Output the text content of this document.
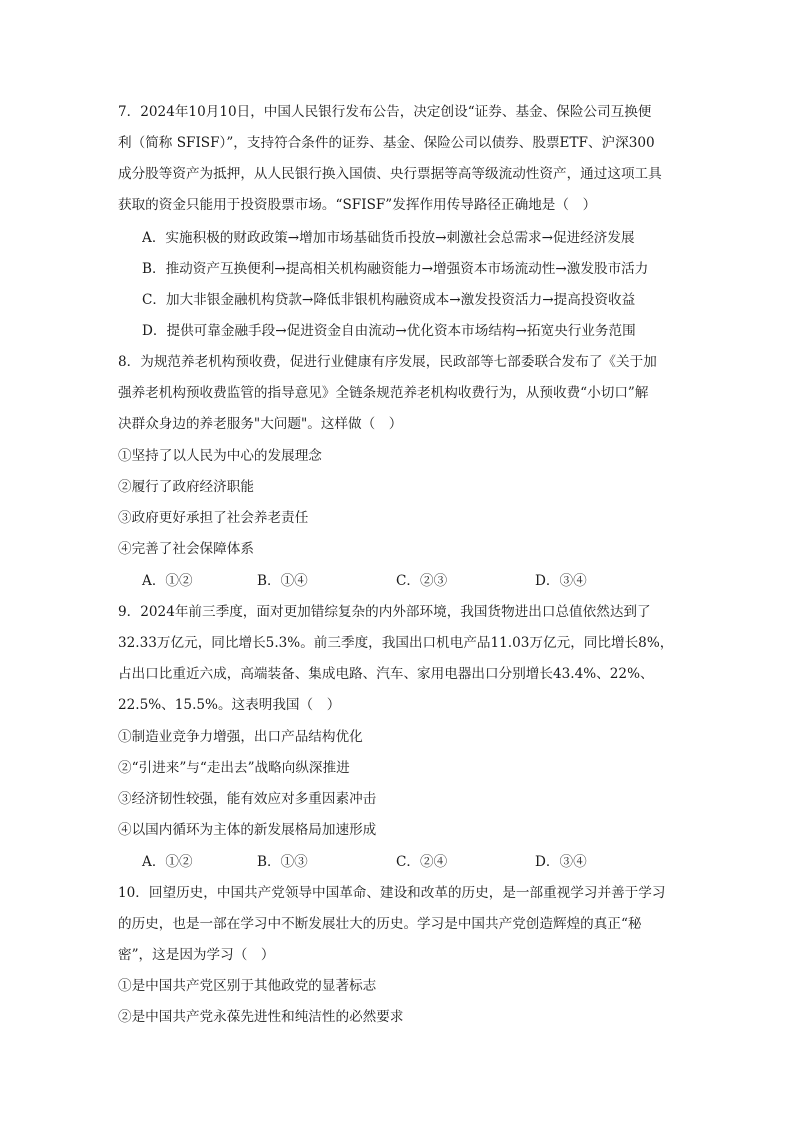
7．2024年10月10日，中国人民银行发布公告，决定创设“证券、基金、保险公司互换便
利（简称 SFISF）”，支持符合条件的证券、基金、保险公司以债券、股票ETF、沪深300
成分股等资产为抵押，从人民银行换入国债、央行票据等高等级流动性资产，通过这项工具
获取的资金只能用于投资股票市场。“SFISF”发挥作用传导路径正确地是（　）
A．实施积极的财政政策→增加市场基础货币投放→刺激社会总需求→促进经济发展
B．推动资产互换便利→提高相关机构融资能力→增强资本市场流动性→激发股市活力
C．加大非银金融机构贷款→降低非银机构融资成本→激发投资活力→提高投资收益
D．提供可靠金融手段→促进资金自由流动→优化资本市场结构→拓宽央行业务范围
8．为规范养老机构预收费，促进行业健康有序发展，民政部等七部委联合发布了《关于加
强养老机构预收费监管的指导意见》全链条规范养老机构收费行为，从预收费“小切口”解
决群众身边的养老服务"大问题"。这样做（　）
①坚持了以人民为中心的发展理念
②履行了政府经济职能
③政府更好承担了社会养老责任
④完善了社会保障体系
A．①②	B．①④	C．②③	D．③④
9．2024年前三季度，面对更加错综复杂的内外部环境，我国货物进出口总值依然达到了
32.33万亿元，同比增长5.3%。前三季度，我国出口机电产品11.03万亿元，同比增长8%，
占出口比重近六成，高端装备、集成电路、汽车、家用电器出口分别增长43.4%、22%、
22.5%、15.5%。这表明我国（　）
①制造业竞争力增强，出口产品结构优化
②“引进来”与“走出去”战略向纵深推进
③经济韧性较强，能有效应对多重因素冲击
④以国内循环为主体的新发展格局加速形成
A．①②	B．①③	C．②④	D．③④
10．回望历史，中国共产党领导中国革命、建设和改革的历史，是一部重视学习并善于学习
的历史，也是一部在学习中不断发展壮大的历史。学习是中国共产党创造辉煌的真正“秘
密”，这是因为学习（　）
①是中国共产党区别于其他政党的显著标志
②是中国共产党永葆先进性和纯洁性的必然要求
